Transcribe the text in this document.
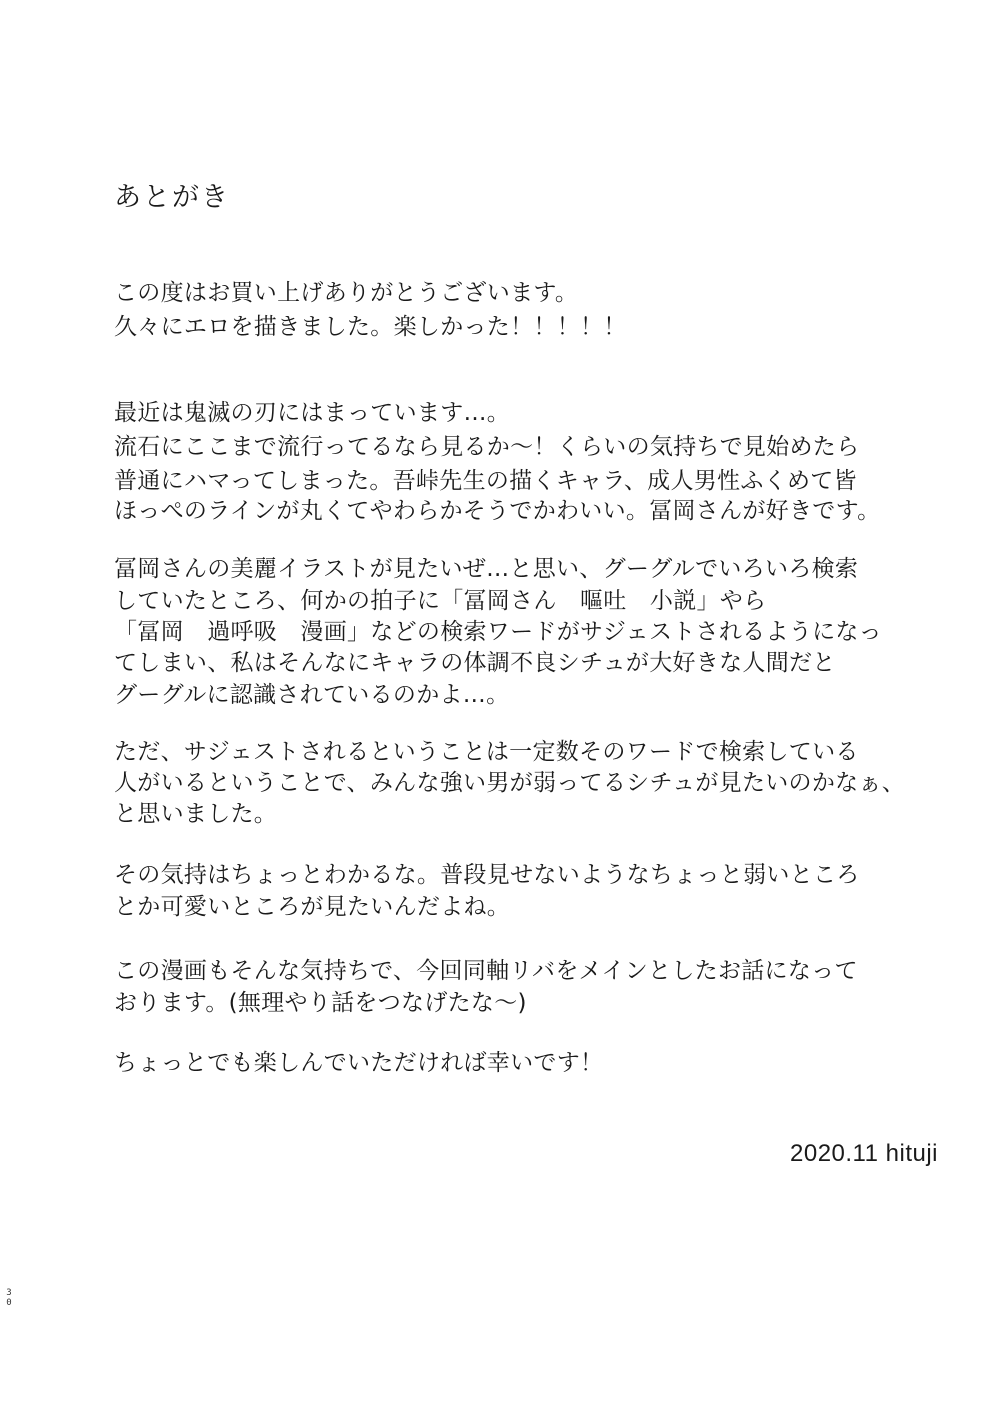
あとがき
この度はお買い上げありがとうございます。
久々にエロを描きました。楽しかった！！！！！
最近は鬼滅の刃にはまっています…。
流石にここまで流行ってるなら見るか〜！くらいの気持ちで見始めたら
普通にハマってしまった。吾峠先生の描くキャラ、成人男性ふくめて皆
ほっぺのラインが丸くてやわらかそうでかわいい。冨岡さんが好きです。
冨岡さんの美麗イラストが見たいぜ…と思い、グーグルでいろいろ検索
していたところ、何かの拍子に「冨岡さん　嘔吐　小説」やら
「冨岡　過呼吸　漫画」などの検索ワードがサジェストされるようになっ
てしまい、私はそんなにキャラの体調不良シチュが大好きな人間だと
グーグルに認識されているのかよ…。
ただ、サジェストされるということは一定数そのワードで検索している
人がいるということで、みんな強い男が弱ってるシチュが見たいのかなぁ、
と思いました。
その気持はちょっとわかるな。普段見せないようなちょっと弱いところ
とか可愛いところが見たいんだよね。
この漫画もそんな気持ちで、今回同軸リバをメインとしたお話になって
おります。(無理やり話をつなげたな〜)
ちょっとでも楽しんでいただければ幸いです！
2020.11 hituji
30
